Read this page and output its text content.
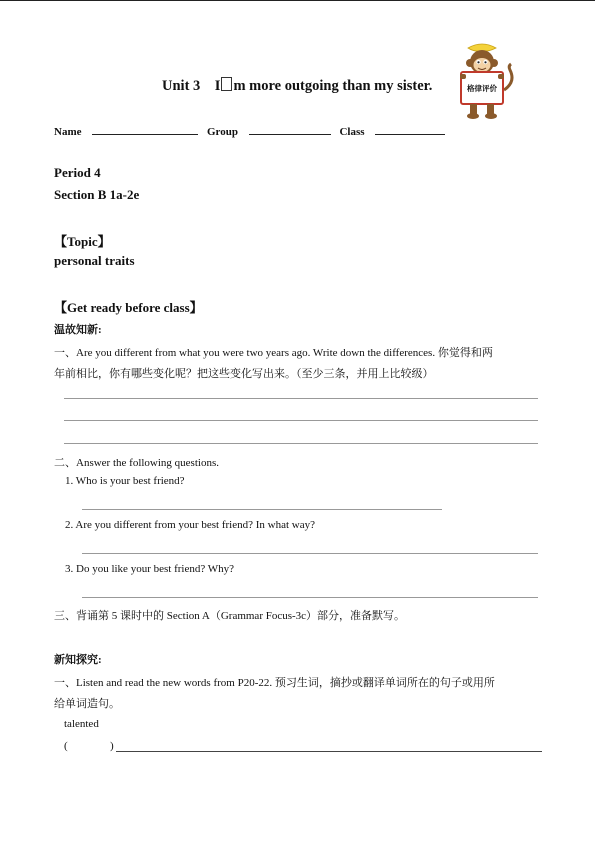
Unit 3 I m more outgoing than my sister.	格律评价
Name	Group	Class
Period 4
Section B 1a-2e
【Topic】
personal traits
【Get ready before class】
温故知新:
一、Are you different from what you were two years ago. Write down the differences. 你觉得和两
年前相比，你有哪些变化呢？把这些变化写出来。（至少三条，并用上比较级）
二、Answer the following questions.
1. Who is your best friend?
2. Are you different from your best friend? In what way?
3. Do you like your best friend? Why?
三、背诵第 5 课时中的 Section A（Grammar Focus-3c）部分，准备默写。
新知探究:
一、Listen and read the new words from P20-22. 预习生词，摘抄或翻译单词所在的句子或用所
给单词造句。
talented
(	)
